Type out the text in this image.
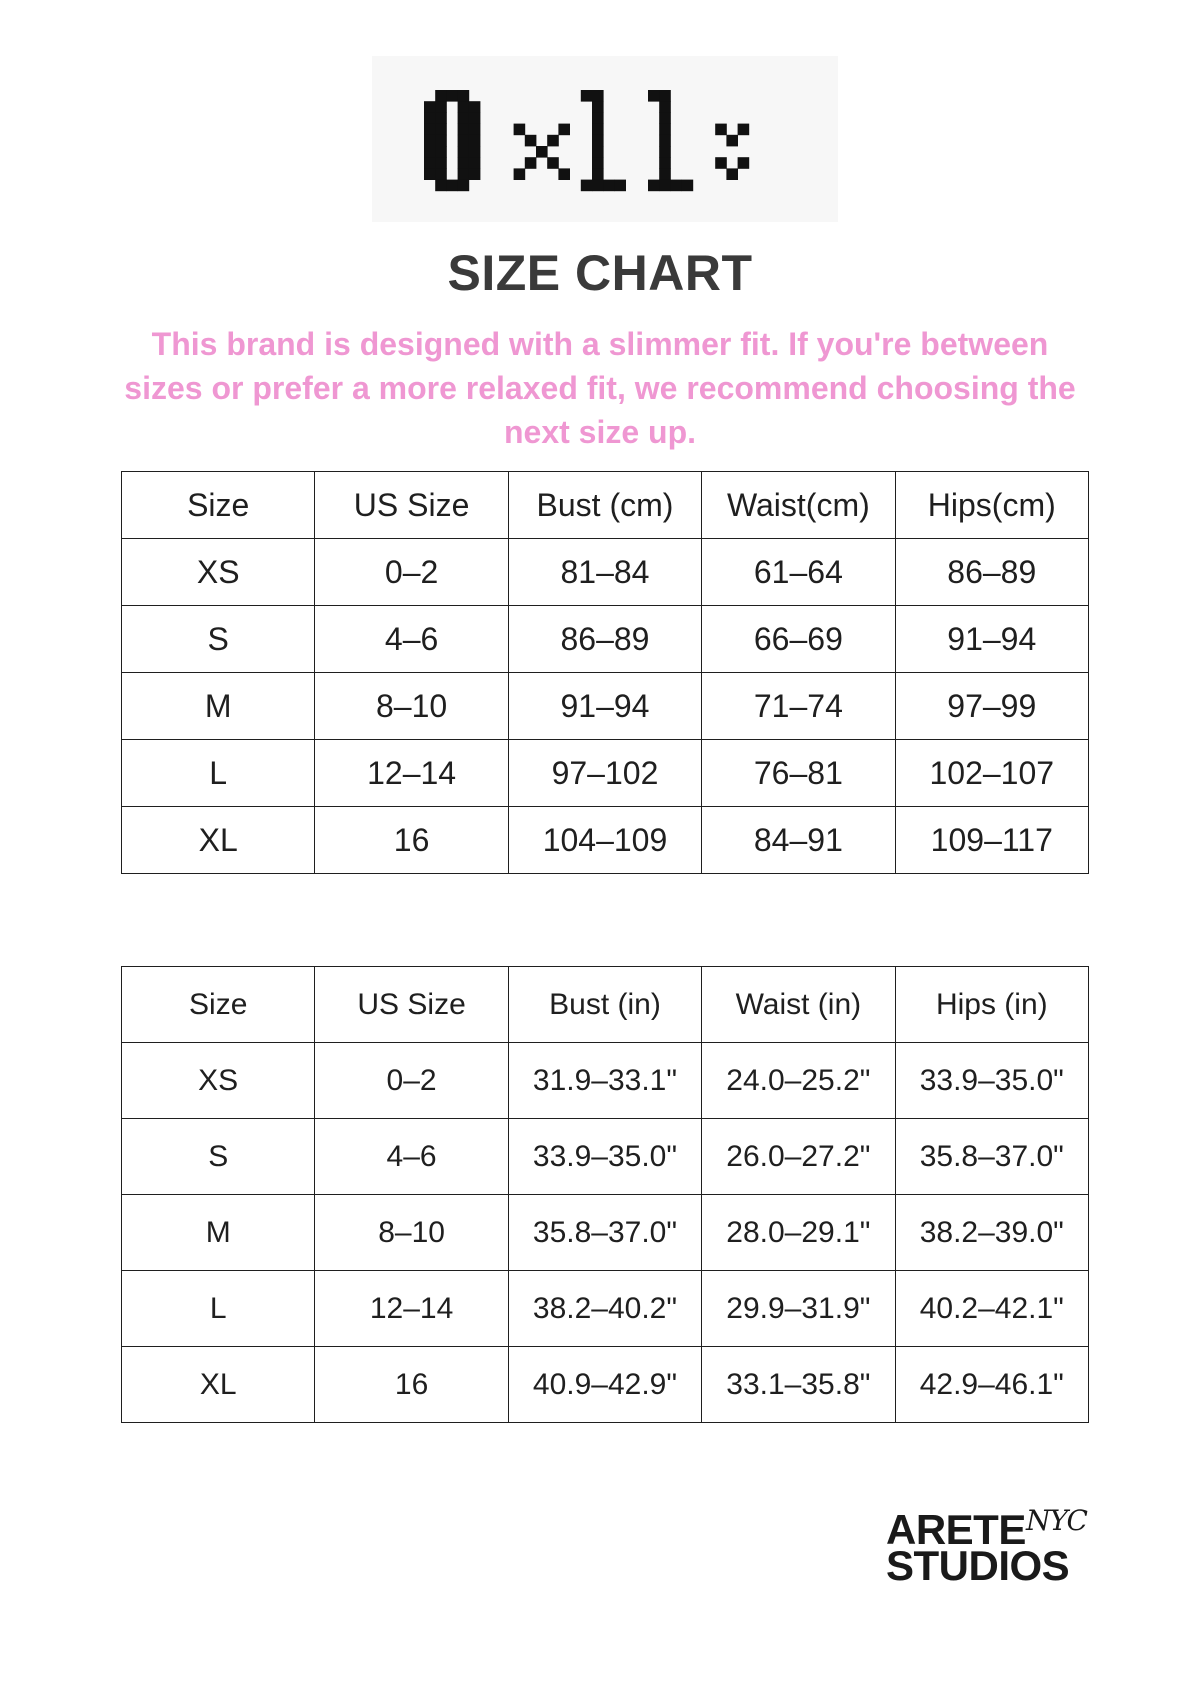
SIZE CHART

This brand is designed with a slimmer fit. If you're between sizes or prefer a more relaxed fit, we recommend choosing the next size up.

Size	US Size	Bust (cm)	Waist(cm)	Hips(cm)
XS	0–2	81–84	61–64	86–89
S	4–6	86–89	66–69	91–94
M	8–10	91–94	71–74	97–99
L	12–14	97–102	76–81	102–107
XL	16	104–109	84–91	109–117
Size	US Size	Bust (in)	Waist (in)	Hips (in)
XS	0–2	31.9–33.1"	24.0–25.2"	33.9–35.0"
S	4–6	33.9–35.0"	26.0–27.2"	35.8–37.0"
M	8–10	35.8–37.0"	28.0–29.1"	38.2–39.0"
L	12–14	38.2–40.2"	29.9–31.9"	40.2–42.1"
XL	16	40.9–42.9"	33.1–35.8"	42.9–46.1"
ARETE NYC
STUDIOS
